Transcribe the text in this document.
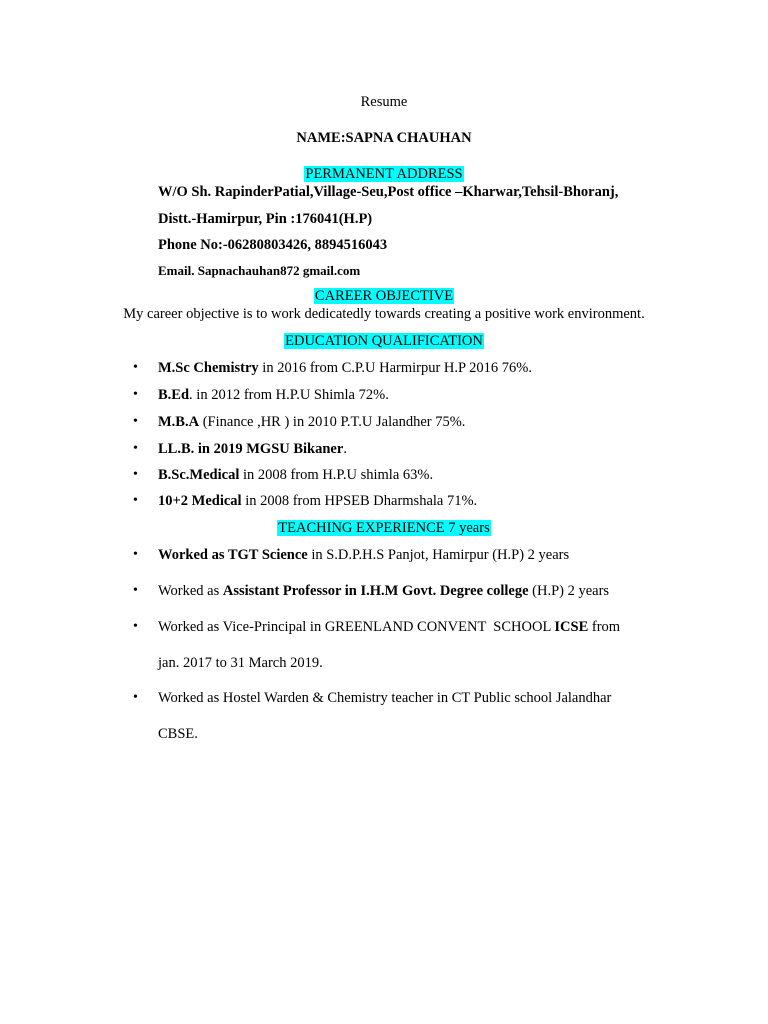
Resume
NAME:SAPNA CHAUHAN
PERMANENT ADDRESS
W/O Sh. RapinderPatial,Village-Seu,Post office –Kharwar,Tehsil-Bhoranj,
Distt.-Hamirpur, Pin :176041(H.P)
Phone No:-06280803426, 8894516043
Email. Sapnachauhan872 gmail.com
CAREER OBJECTIVE
My career objective is to work dedicatedly towards creating a positive work environment.
EDUCATION QUALIFICATION
• M.Sc Chemistry in 2016 from C.P.U Harmirpur H.P 2016 76%.
• B.Ed. in 2012 from H.P.U Shimla 72%.
• M.B.A (Finance ,HR ) in 2010 P.T.U Jalandher 75%.
• LL.B. in 2019 MGSU Bikaner.
• B.Sc.Medical in 2008 from H.P.U shimla 63%.
• 10+2 Medical in 2008 from HPSEB Dharmshala 71%.
TEACHING EXPERIENCE 7 years
• Worked as TGT Science in S.D.P.H.S Panjot, Hamirpur (H.P) 2 years
• Worked as Assistant Professor in I.H.M Govt. Degree college (H.P) 2 years
• Worked as Vice-Principal in GREENLAND CONVENT  SCHOOL ICSE from
jan. 2017 to 31 March 2019.
• Worked as Hostel Warden & Chemistry teacher in CT Public school Jalandhar
CBSE.
